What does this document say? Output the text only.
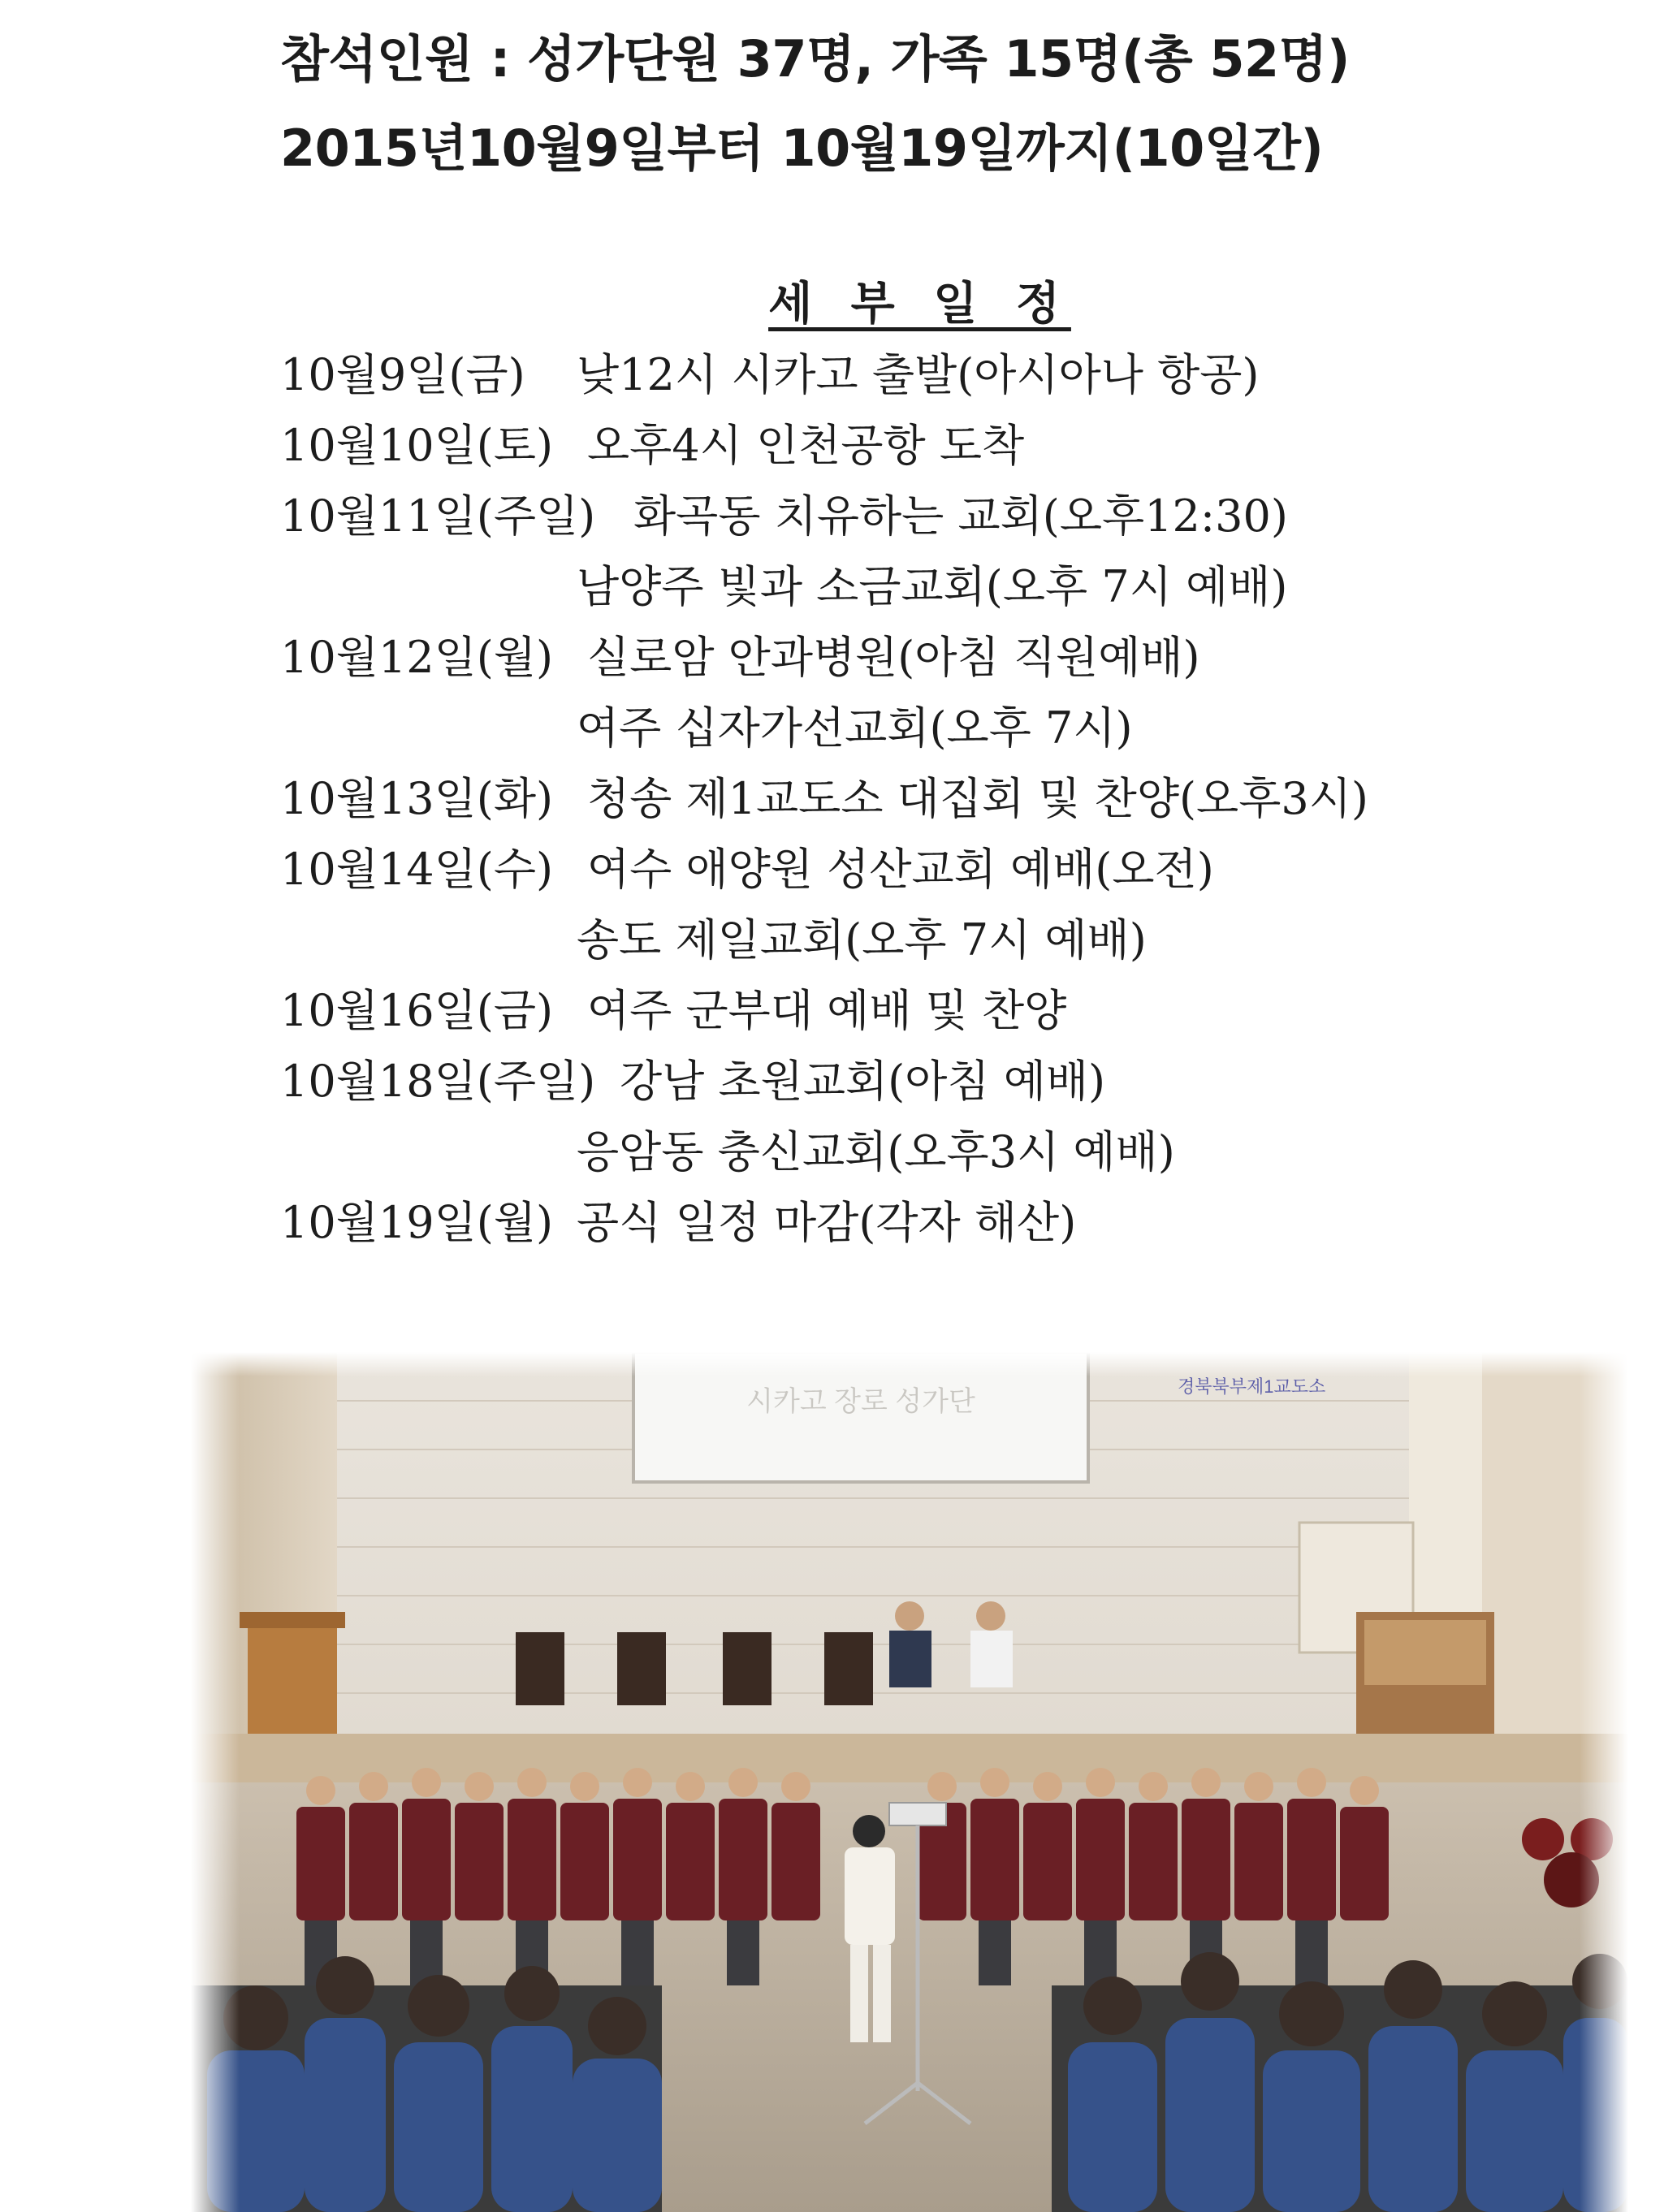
참석인원 : 성가단원 37명, 가족 15명(총 52명)
2015년10월9일부터 10월19일까지(10일간)
세 부 일 정
10월9일(금) 낮12시 시카고 출발(아시아나 항공)
10월10일(토) 오후4시 인천공항 도착
10월11일(주일) 화곡동 치유하는 교회(오후12:30)
남양주 빛과 소금교회(오후 7시 예배)
10월12일(월) 실로암 안과병원(아침 직원예배)
여주 십자가선교회(오후 7시)
10월13일(화) 청송 제1교도소 대집회 및 찬양(오후3시)
10월14일(수) 여수 애양원 성산교회 예배(오전)
송도 제일교회(오후 7시 예배)
10월16일(금) 여주 군부대 예배 및 찬양
10월18일(주일) 강남 초원교회(아침 예배)
응암동 충신교회(오후3시 예배)
10월19일(월) 공식 일정 마감(각자 해산)
시카고 장로 성가단	경북북부제1교도소
